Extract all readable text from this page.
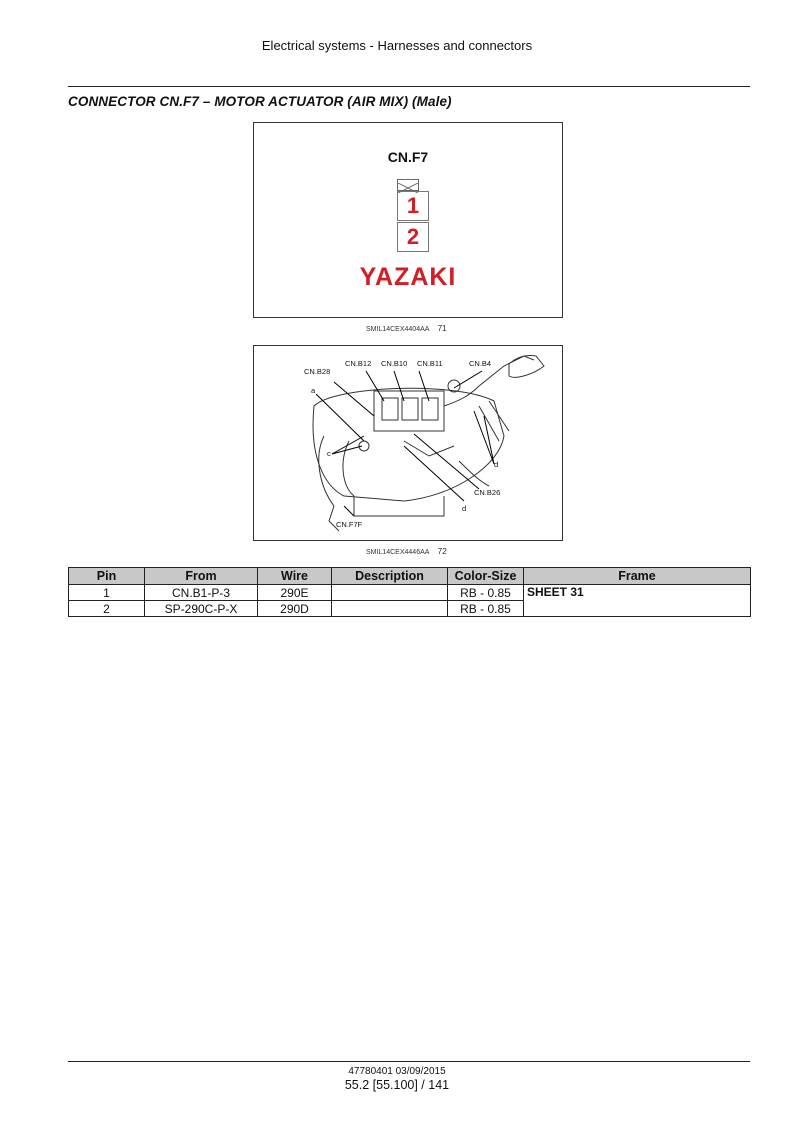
Electrical systems - Harnesses and connectors
CONNECTOR CN.F7 – MOTOR ACTUATOR (AIR MIX) (Male)
CN.F7
1
2
YAZAKI
SMIL14CEX4404AA 71
CN.B28
CN.B12 CN.B10 CN.B11	CN.B4
a
c
d
d
CN.B26
CN.F7F
SMIL14CEX4446AA 72
Pin	From	Wire	Description	Color-Size	Frame
1	CN.B1-P-3	290E		RB - 0.85	SHEET 31
2	SP-290C-P-X	290D		RB - 0.85	
47780401 03/09/2015
55.2 [55.100] / 141
